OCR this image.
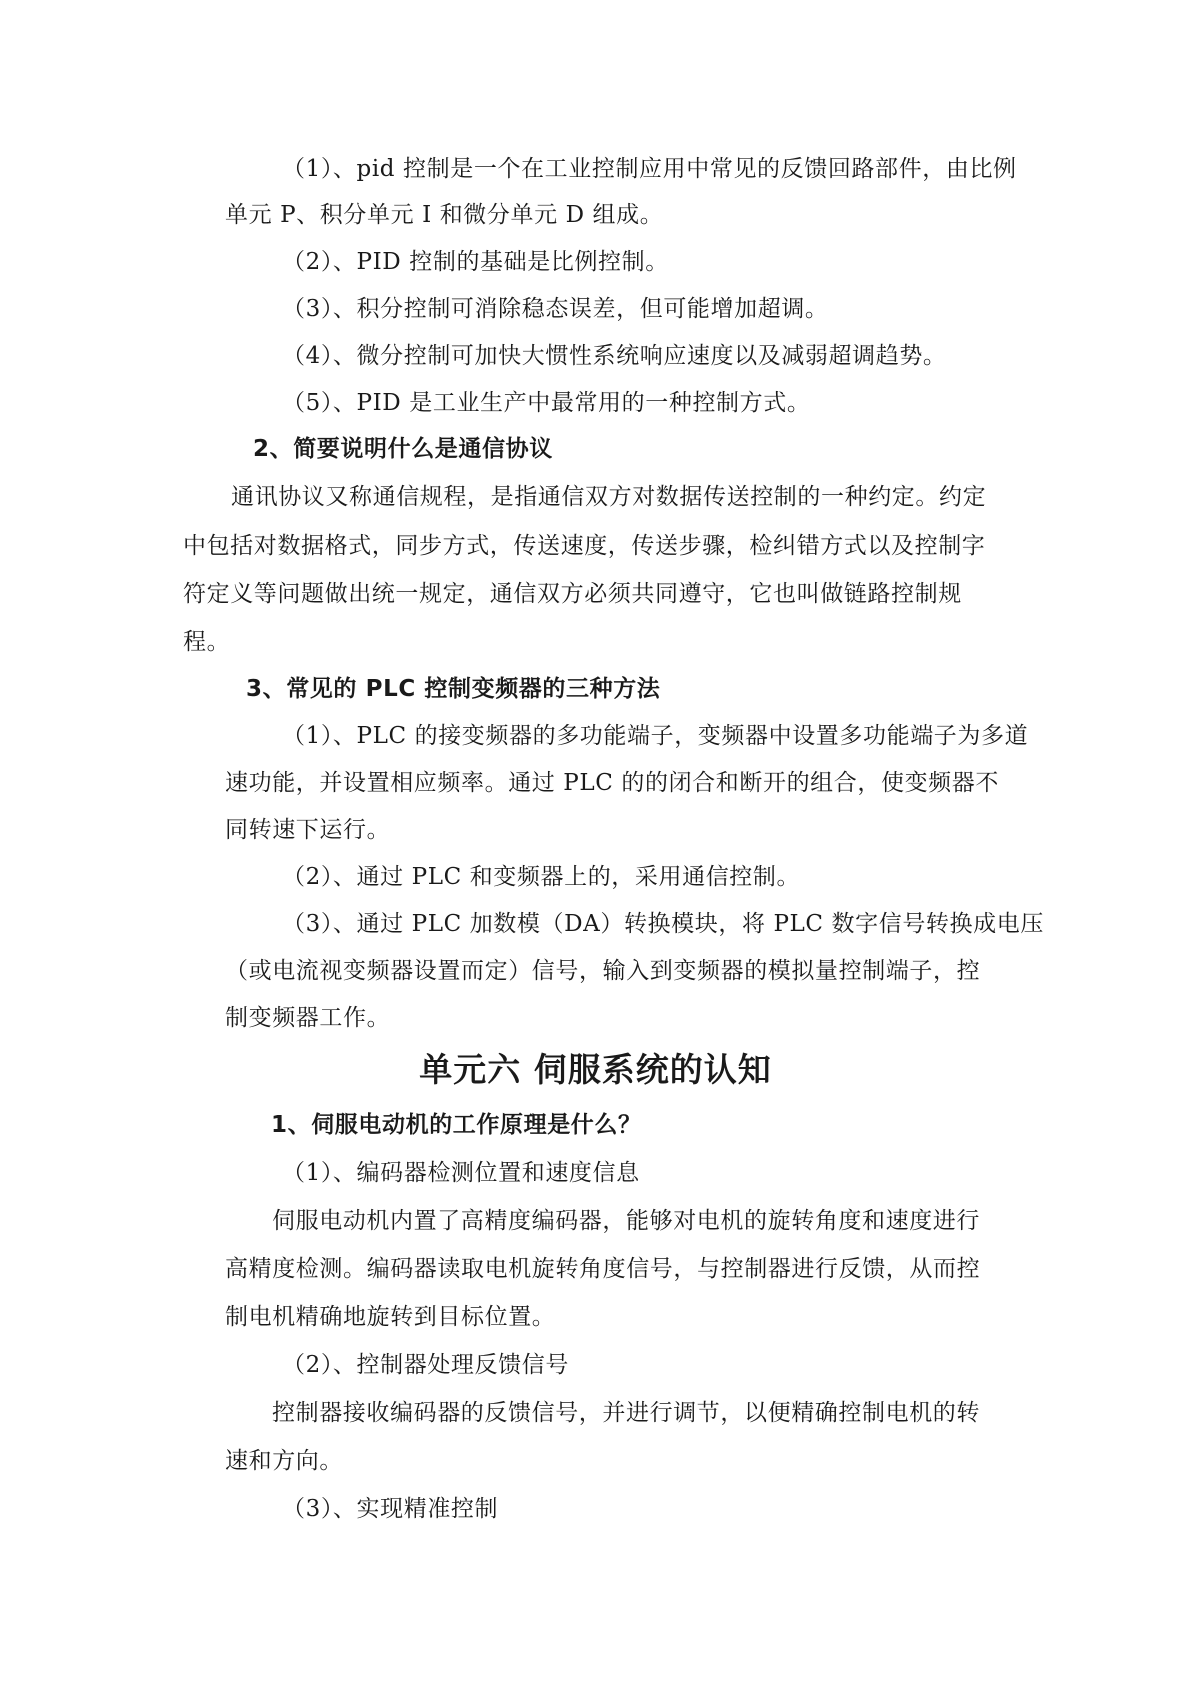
（1）、pid 控制是一个在工业控制应用中常见的反馈回路部件，由比例
单元 P、积分单元 I 和微分单元 D 组成。
（2）、PID 控制的基础是比例控制。
（3）、积分控制可消除稳态误差，但可能增加超调。
（4）、微分控制可加快大惯性系统响应速度以及减弱超调趋势。
（5）、PID 是工业生产中最常用的一种控制方式。
2、简要说明什么是通信协议
通讯协议又称通信规程，是指通信双方对数据传送控制的一种约定。约定
中包括对数据格式，同步方式，传送速度，传送步骤，检纠错方式以及控制字
符定义等问题做出统一规定，通信双方必须共同遵守，它也叫做链路控制规
程。
3、常见的 PLC 控制变频器的三种方法
（1）、PLC 的接变频器的多功能端子，变频器中设置多功能端子为多道
速功能，并设置相应频率。通过 PLC 的的闭合和断开的组合，使变频器不
同转速下运行。
（2）、通过 PLC 和变频器上的，采用通信控制。
（3）、通过 PLC 加数模（DA）转换模块，将 PLC 数字信号转换成电压
（或电流视变频器设置而定）信号，输入到变频器的模拟量控制端子，控
制变频器工作。
单元六 伺服系统的认知
1、伺服电动机的工作原理是什么？
（1）、编码器检测位置和速度信息
伺服电动机内置了高精度编码器，能够对电机的旋转角度和速度进行
高精度检测。编码器读取电机旋转角度信号，与控制器进行反馈，从而控
制电机精确地旋转到目标位置。
（2）、控制器处理反馈信号
控制器接收编码器的反馈信号，并进行调节，以便精确控制电机的转
速和方向。
（3）、实现精准控制
